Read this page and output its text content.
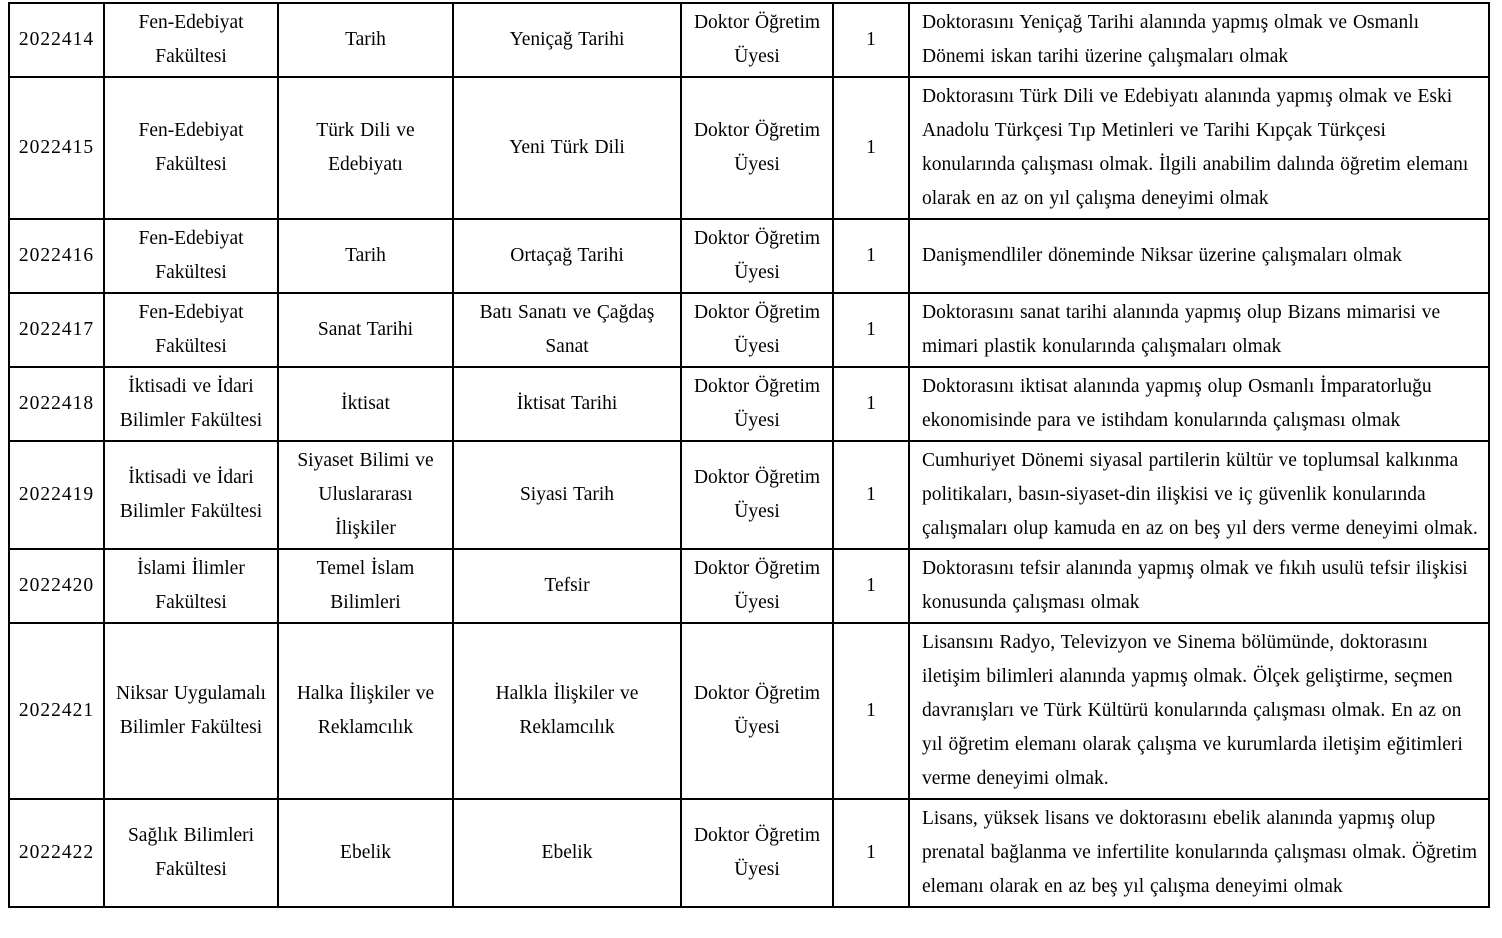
2022414	Fen-Edebiyat Fakültesi	Tarih	Yeniçağ Tarihi	Doktor Öğretim Üyesi	1	Doktorasını Yeniçağ Tarihi alanında yapmış olmak ve Osmanlı Dönemi iskan tarihi üzerine çalışmaları olmak
2022415	Fen-Edebiyat Fakültesi	Türk Dili ve Edebiyatı	Yeni Türk Dili	Doktor Öğretim Üyesi	1	Doktorasını Türk Dili ve Edebiyatı alanında yapmış olmak ve Eski Anadolu Türkçesi Tıp Metinleri ve Tarihi Kıpçak Türkçesi konularında çalışması olmak. İlgili anabilim dalında öğretim elemanı olarak en az on yıl çalışma deneyimi olmak
2022416	Fen-Edebiyat Fakültesi	Tarih	Ortaçağ Tarihi	Doktor Öğretim Üyesi	1	Danişmendliler döneminde Niksar üzerine çalışmaları olmak
2022417	Fen-Edebiyat Fakültesi	Sanat Tarihi	Batı Sanatı ve Çağdaş Sanat	Doktor Öğretim Üyesi	1	Doktorasını sanat tarihi alanında yapmış olup Bizans mimarisi ve mimari plastik konularında çalışmaları olmak
2022418	İktisadi ve İdari Bilimler Fakültesi	İktisat	İktisat Tarihi	Doktor Öğretim Üyesi	1	Doktorasını iktisat alanında yapmış olup Osmanlı İmparatorluğu ekonomisinde para ve istihdam konularında çalışması olmak
2022419	İktisadi ve İdari Bilimler Fakültesi	Siyaset Bilimi ve Uluslararası İlişkiler	Siyasi Tarih	Doktor Öğretim Üyesi	1	Cumhuriyet Dönemi siyasal partilerin kültür ve toplumsal kalkınma politikaları, basın-siyaset-din ilişkisi ve iç güvenlik konularında çalışmaları olup kamuda en az on beş yıl ders verme deneyimi olmak.
2022420	İslami İlimler Fakültesi	Temel İslam Bilimleri	Tefsir	Doktor Öğretim Üyesi	1	Doktorasını tefsir alanında yapmış olmak ve fıkıh usulü tefsir ilişkisi konusunda çalışması olmak
2022421	Niksar Uygulamalı Bilimler Fakültesi	Halka İlişkiler ve Reklamcılık	Halkla İlişkiler ve Reklamcılık	Doktor Öğretim Üyesi	1	Lisansını Radyo, Televizyon ve Sinema bölümünde, doktorasını iletişim bilimleri alanında yapmış olmak. Ölçek geliştirme, seçmen davranışları ve Türk Kültürü konularında çalışması olmak. En az on yıl öğretim elemanı olarak çalışma ve kurumlarda iletişim eğitimleri verme deneyimi olmak.
2022422	Sağlık Bilimleri Fakültesi	Ebelik	Ebelik	Doktor Öğretim Üyesi	1	Lisans, yüksek lisans ve doktorasını ebelik alanında yapmış olup prenatal bağlanma ve infertilite konularında çalışması olmak. Öğretim elemanı olarak en az beş yıl çalışma deneyimi olmak
